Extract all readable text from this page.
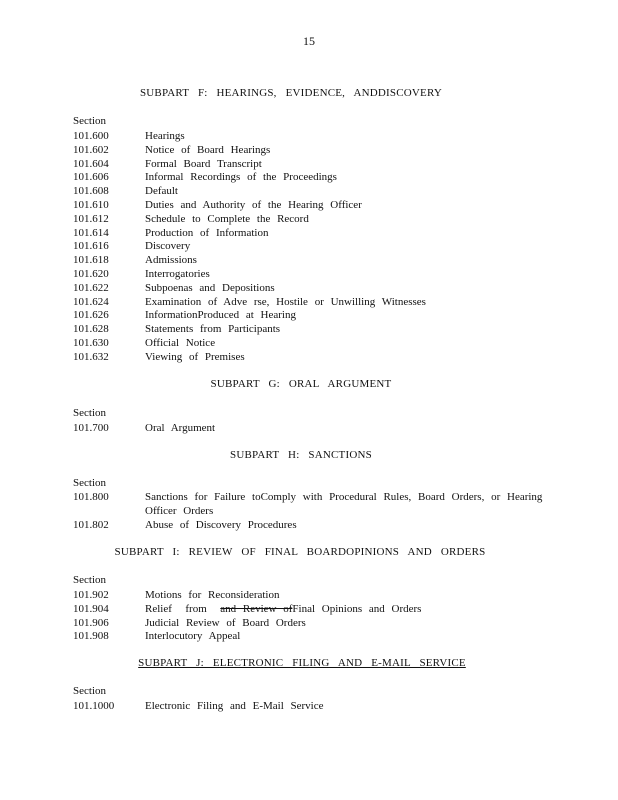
15
SUBPART F: HEARINGS, EVIDENCE, ANDDISCOVERY
Section
101.600	Hearings
101.602	Notice of Board Hearings
101.604	Formal Board Transcript
101.606	Informal Recordings of the Proceedings
101.608	Default
101.610	Duties and Authority of the Hearing Officer
101.612	Schedule to Complete the Record
101.614	Production of Information
101.616	Discovery
101.618	Admissions
101.620	Interrogatories
101.622	Subpoenas and Depositions
101.624	Examination of Adve rse, Hostile or Unwilling Witnesses
101.626	InformationProduced at Hearing
101.628	Statements from Participants
101.630	Official Notice
101.632	Viewing of Premises
SUBPART G: ORAL ARGUMENT
Section
101.700	Oral Argument
SUBPART H: SANCTIONS
Section
101.800	Sanctions for Failure toComply with Procedural Rules, Board Orders, or Hearing
Officer Orders
101.802	Abuse of Discovery Procedures
SUBPART I: REVIEW OF FINAL BOARDOPINIONS AND ORDERS
Section
101.902	Motions for Reconsideration
101.904	Relief  from  and Review ofFinal Opinions and Orders
101.906	Judicial Review of Board Orders
101.908	Interlocutory Appeal
SUBPART J: ELECTRONIC FILING AND E-MAIL SERVICE
Section
101.1000	Electronic Filing and E-Mail Service
